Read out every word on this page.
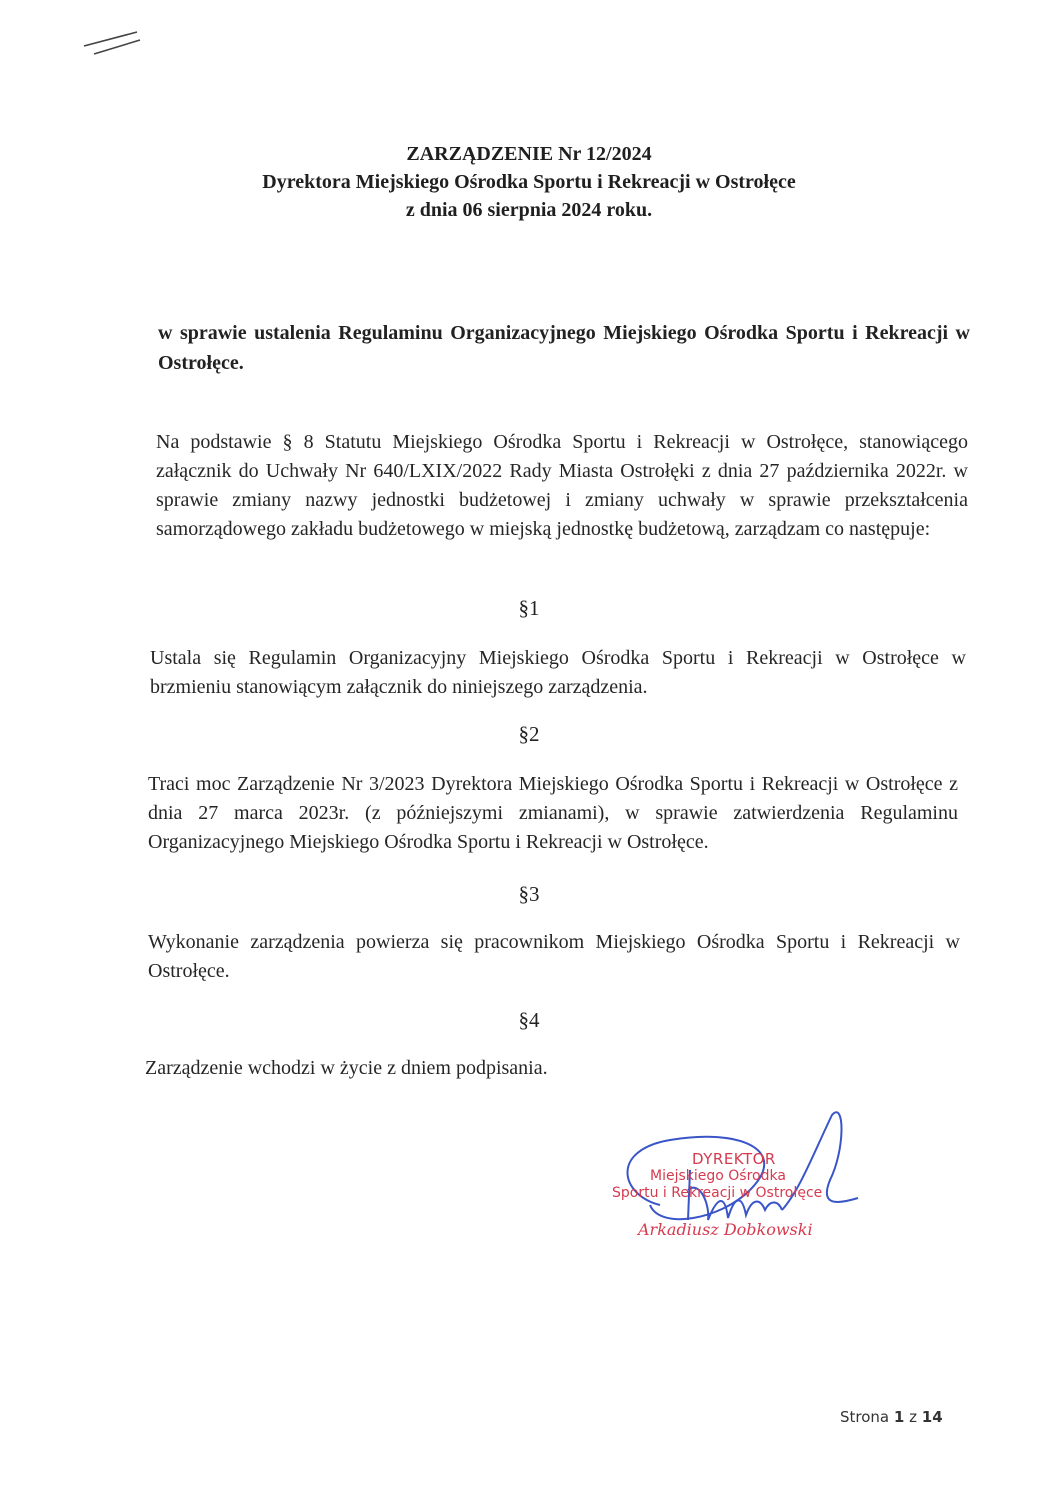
ZARZĄDZENIE Nr 12/2024
Dyrektora Miejskiego Ośrodka Sportu i Rekreacji w Ostrołęce
z dnia 06 sierpnia 2024 roku.
w sprawie ustalenia Regulaminu Organizacyjnego Miejskiego Ośrodka Sportu i Rekreacji w Ostrołęce.
Na podstawie § 8 Statutu Miejskiego Ośrodka Sportu i Rekreacji w Ostrołęce, stanowiącego załącznik do Uchwały Nr 640/LXIX/2022 Rady Miasta Ostrołęki z dnia 27 października 2022r. w sprawie zmiany nazwy jednostki budżetowej i zmiany uchwały w sprawie przekształcenia samorządowego zakładu budżetowego w miejską jednostkę budżetową, zarządzam co następuje:
§1
Ustala się Regulamin Organizacyjny Miejskiego Ośrodka Sportu i Rekreacji w Ostrołęce w brzmieniu stanowiącym załącznik do niniejszego zarządzenia.
§2
Traci moc Zarządzenie Nr 3/2023 Dyrektora Miejskiego Ośrodka Sportu i Rekreacji w Ostrołęce z dnia 27 marca 2023r. (z późniejszymi zmianami), w sprawie zatwierdzenia Regulaminu Organizacyjnego Miejskiego Ośrodka Sportu i Rekreacji w Ostrołęce.
§3
Wykonanie zarządzenia powierza się pracownikom Miejskiego Ośrodka Sportu i Rekreacji w Ostrołęce.
§4
Zarządzenie wchodzi w życie z dniem podpisania.
DYREKTOR
Miejskiego Ośrodka
Sportu i Rekreacji w Ostrołęce
Arkadiusz Dobkowski
Strona 1 z 14
